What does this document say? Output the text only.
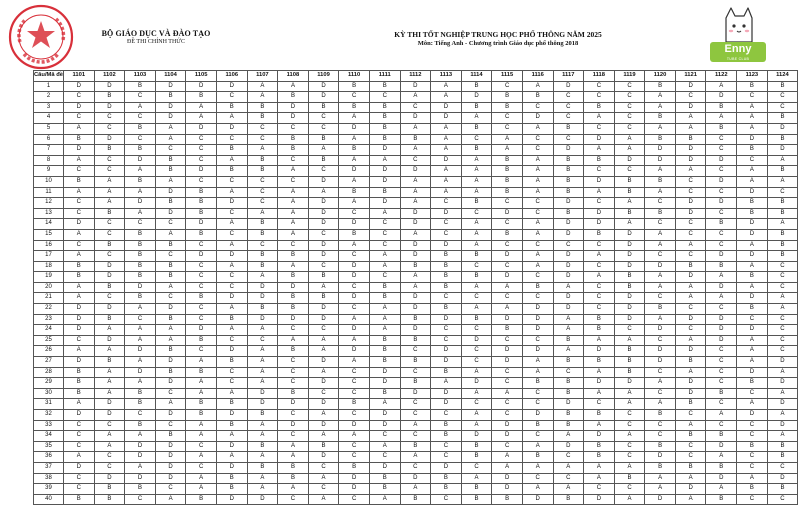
BỘ GIÁO DỤC VÀ ĐÀO TẠO
ĐỀ THI CHÍNH THỨC
KỲ THI TỐT NGHIỆP TRUNG HỌC PHỔ THÔNG NĂM 2025
Môn: Tiếng Anh - Chương trình Giáo dục phổ thông 2018	Enny
TUBE CLUB
Câu/Mã đề	1101	1102	1103	1104	1105	1106	1107	1108	1109	1110	1111	1112	1113	1114	1115	1116	1117	1118	1119	1120	1121	1122	1123	1124
1	D	D	B	D	D	D	A	A	D	B	B	D	A	B	C	A	D	C	C	B	D	A	B	B
2	C	B	C	B	B	C	A	B	D	C	C	A	A	D	B	B	C	C	C	A	C	D	C	C
3	D	D	A	D	A	B	B	D	B	B	B	C	D	B	B	C	C	B	C	A	D	B	A	C
4	C	C	C	D	A	A	B	D	C	A	B	D	D	A	C	D	C	A	C	B	A	A	A	B
5	A	C	B	A	D	D	C	C	C	D	B	A	A	B	C	A	B	C	C	A	A	B	A	D
6	B	D	C	A	C	C	C	B	B	A	B	B	A	C	A	C	C	D	A	B	B	C	D	B
7	D	B	B	C	C	B	A	B	A	B	D	A	A	B	A	C	D	A	A	D	D	C	B	D
8	A	C	D	B	C	A	B	C	B	A	A	C	D	A	B	A	B	B	D	D	D	D	C	A
9	C	C	A	B	D	B	B	A	C	D	D	D	A	A	B	A	B	C	C	A	A	C	A	B
10	B	A	B	A	C	C	C	C	D	A	D	A	A	A	B	A	B	D	B	B	C	D	A	A
11	A	A	A	D	B	A	C	A	A	B	B	A	A	A	B	A	B	A	B	A	C	C	D	C
12	C	A	D	B	B	D	C	A	D	A	D	A	C	B	C	C	D	C	A	C	D	D	B	B
13	C	B	A	D	B	C	A	A	D	C	A	D	D	C	D	C	B	D	B	B	D	C	B	B
14	D	C	C	C	D	A	B	A	D	D	C	D	C	A	C	A	D	D	A	C	C	B	D	A
15	A	C	B	A	B	C	B	A	C	B	C	A	C	A	B	A	D	B	D	A	C	C	D	B
16	C	B	B	B	C	A	C	C	D	A	C	D	D	A	C	C	C	C	D	A	A	C	A	B
17	A	C	B	C	D	D	B	B	D	C	A	D	B	B	D	A	D	A	D	C	C	D	D	B
18	B	D	B	B	C	A	B	A	C	D	A	B	B	C	C	A	D	C	D	D	B	B	A	C
19	B	D	B	B	C	C	A	B	B	D	C	A	B	B	D	C	D	A	B	A	D	A	B	C
20	A	B	D	A	C	C	D	D	A	C	B	A	B	A	A	B	A	C	B	A	A	D	A	C
21	A	C	B	C	B	D	D	B	B	D	B	D	C	C	C	C	D	C	D	C	A	A	D	A
22	D	D	A	D	C	A	B	B	D	C	A	D	B	A	A	D	D	C	D	B	C	C	B	A
23	D	B	C	B	C	B	D	D	D	A	A	B	D	B	D	D	A	B	D	A	D	D	C	C
24	D	A	A	A	D	A	A	C	C	D	A	D	C	C	B	D	A	B	C	D	C	D	D	C
25	C	D	A	A	B	C	C	A	A	A	B	B	C	D	C	C	B	A	A	C	A	D	A	C
26	A	A	D	B	C	D	A	B	A	D	B	C	D	C	D	D	A	D	B	D	D	C	A	C
27	D	B	A	D	A	B	A	C	D	A	B	B	D	C	D	A	B	B	B	D	B	C	A	D
28	B	A	D	B	B	C	A	C	A	C	D	C	B	A	C	A	C	A	B	C	A	C	D	A
29	B	A	A	D	A	C	A	C	D	C	D	B	A	D	C	B	B	D	D	A	D	C	B	D
30	B	A	B	C	A	A	D	B	C	C	B	D	D	A	A	C	B	A	A	C	D	B	C	A
31	A	D	B	A	B	B	D	D	D	B	A	C	D	C	C	C	D	C	A	A	B	C	A	D
32	D	D	C	D	B	D	B	C	A	C	D	C	C	A	C	D	B	B	C	B	C	A	D	A
33	C	C	B	C	A	B	A	D	D	D	D	A	B	A	D	B	B	A	C	C	A	C	C	D
34	C	A	A	B	A	A	A	C	A	A	C	C	B	D	D	C	A	D	A	C	B	B	C	A
35	C	A	D	D	C	D	B	A	B	C	A	B	C	B	C	A	D	B	C	B	C	D	B	B
36	A	C	D	D	A	A	A	A	D	C	C	A	C	B	A	B	C	B	C	D	C	A	C	B
37	D	C	A	D	C	D	B	B	C	B	D	C	D	C	A	A	A	A	A	B	B	B	C	C
38	C	D	D	D	A	B	A	B	A	D	B	D	B	A	D	C	C	A	B	A	A	D	A	D
39	C	B	B	C	A	B	A	A	C	D	B	A	B	B	D	A	A	C	C	A	D	A	B	B
40	B	B	C	A	B	D	D	C	A	C	A	B	C	B	B	D	B	D	A	D	A	B	C	C
